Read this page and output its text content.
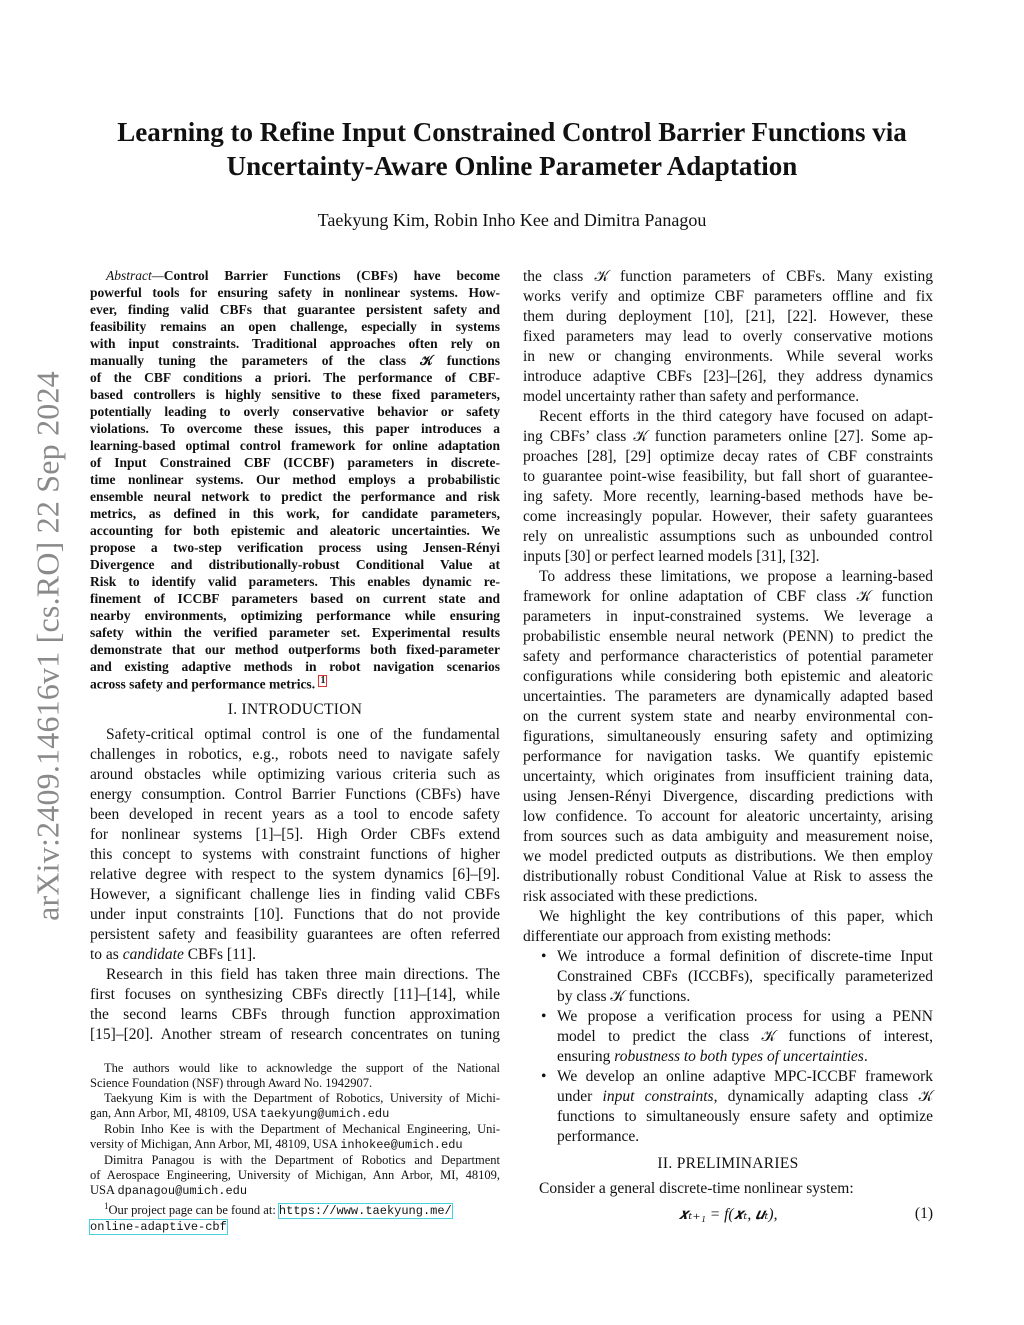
Learning to Refine Input Constrained Control Barrier Functions via
Uncertainty-Aware Online Parameter Adaptation
Taekyung Kim, Robin Inho Kee and Dimitra Panagou
arXiv:2409.14616v1 [cs.RO] 22 Sep 2024
Abstract—Control Barrier Functions (CBFs) have become
powerful tools for ensuring safety in nonlinear systems. How-
ever, finding valid CBFs that guarantee persistent safety and
feasibility remains an open challenge, especially in systems
with input constraints. Traditional approaches often rely on
manually tuning the parameters of the class 𝒦 functions
of the CBF conditions a priori. The performance of CBF-
based controllers is highly sensitive to these fixed parameters,
potentially leading to overly conservative behavior or safety
violations. To overcome these issues, this paper introduces a
learning-based optimal control framework for online adaptation
of Input Constrained CBF (ICCBF) parameters in discrete-
time nonlinear systems. Our method employs a probabilistic
ensemble neural network to predict the performance and risk
metrics, as defined in this work, for candidate parameters,
accounting for both epistemic and aleatoric uncertainties. We
propose a two-step verification process using Jensen-Rényi
Divergence and distributionally-robust Conditional Value at
Risk to identify valid parameters. This enables dynamic re-
finement of ICCBF parameters based on current state and
nearby environments, optimizing performance while ensuring
safety within the verified parameter set. Experimental results
demonstrate that our method outperforms both fixed-parameter
and existing adaptive methods in robot navigation scenarios
across safety and performance metrics. 1
I. INTRODUCTION
Safety-critical optimal control is one of the fundamental
challenges in robotics, e.g., robots need to navigate safely
around obstacles while optimizing various criteria such as
energy consumption. Control Barrier Functions (CBFs) have
been developed in recent years as a tool to encode safety
for nonlinear systems [1]–[5]. High Order CBFs extend
this concept to systems with constraint functions of higher
relative degree with respect to the system dynamics [6]–[9].
However, a significant challenge lies in finding valid CBFs
under input constraints [10]. Functions that do not provide
persistent safety and feasibility guarantees are often referred
to as candidate CBFs [11].
Research in this field has taken three main directions. The
first focuses on synthesizing CBFs directly [11]–[14], while
the second learns CBFs through function approximation
[15]–[20]. Another stream of research concentrates on tuning
The authors would like to acknowledge the support of the National
Science Foundation (NSF) through Award No. 1942907.
Taekyung Kim is with the Department of Robotics, University of Michi-
gan, Ann Arbor, MI, 48109, USA taekyung@umich.edu
Robin Inho Kee is with the Department of Mechanical Engineering, Uni-
versity of Michigan, Ann Arbor, MI, 48109, USA inhokee@umich.edu
Dimitra Panagou is with the Department of Robotics and Department
of Aerospace Engineering, University of Michigan, Ann Arbor, MI, 48109,
USA dpanagou@umich.edu
$^1$Our project page can be found at: https://www.taekyung.me/
online-adaptive-cbf
the class 𝒦 function parameters of CBFs. Many existing
works verify and optimize CBF parameters offline and fix
them during deployment [10], [21], [22]. However, these
fixed parameters may lead to overly conservative motions
in new or changing environments. While several works
introduce adaptive CBFs [23]–[26], they address dynamics
model uncertainty rather than safety and performance.
Recent efforts in the third category have focused on adapt-
ing CBFs’ class 𝒦 function parameters online [27]. Some ap-
proaches [28], [29] optimize decay rates of CBF constraints
to guarantee point-wise feasibility, but fall short of guarantee-
ing safety. More recently, learning-based methods have be-
come increasingly popular. However, their safety guarantees
rely on unrealistic assumptions such as unbounded control
inputs [30] or perfect learned models [31], [32].
To address these limitations, we propose a learning-based
framework for online adaptation of CBF class 𝒦 function
parameters in input-constrained systems. We leverage a
probabilistic ensemble neural network (PENN) to predict the
safety and performance characteristics of potential parameter
configurations while considering both epistemic and aleatoric
uncertainties. The parameters are dynamically adapted based
on the current system state and nearby environmental con-
figurations, simultaneously ensuring safety and optimizing
performance for navigation tasks. We quantify epistemic
uncertainty, which originates from insufficient training data,
using Jensen-Rényi Divergence, discarding predictions with
low confidence. To account for aleatoric uncertainty, arising
from sources such as data ambiguity and measurement noise,
we model predicted outputs as distributions. We then employ
distributionally robust Conditional Value at Risk to assess the
risk associated with these predictions.
We highlight the key contributions of this paper, which
differentiate our approach from existing methods:
• We introduce a formal definition of discrete-time Input
Constrained CBFs (ICCBFs), specifically parameterized
by class 𝒦 functions.
• We propose a verification process for using a PENN
model to predict the class 𝒦 functions of interest,
ensuring robustness to both types of uncertainties.
• We develop an online adaptive MPC-ICCBF framework
under input constraints, dynamically adapting class 𝒦
functions to simultaneously ensure safety and optimize
performance.
II. PRELIMINARIES
Consider a general discrete-time nonlinear system:
𝒙ₜ₊₁ = f(𝒙ₜ, 𝒖ₜ),	(1)
